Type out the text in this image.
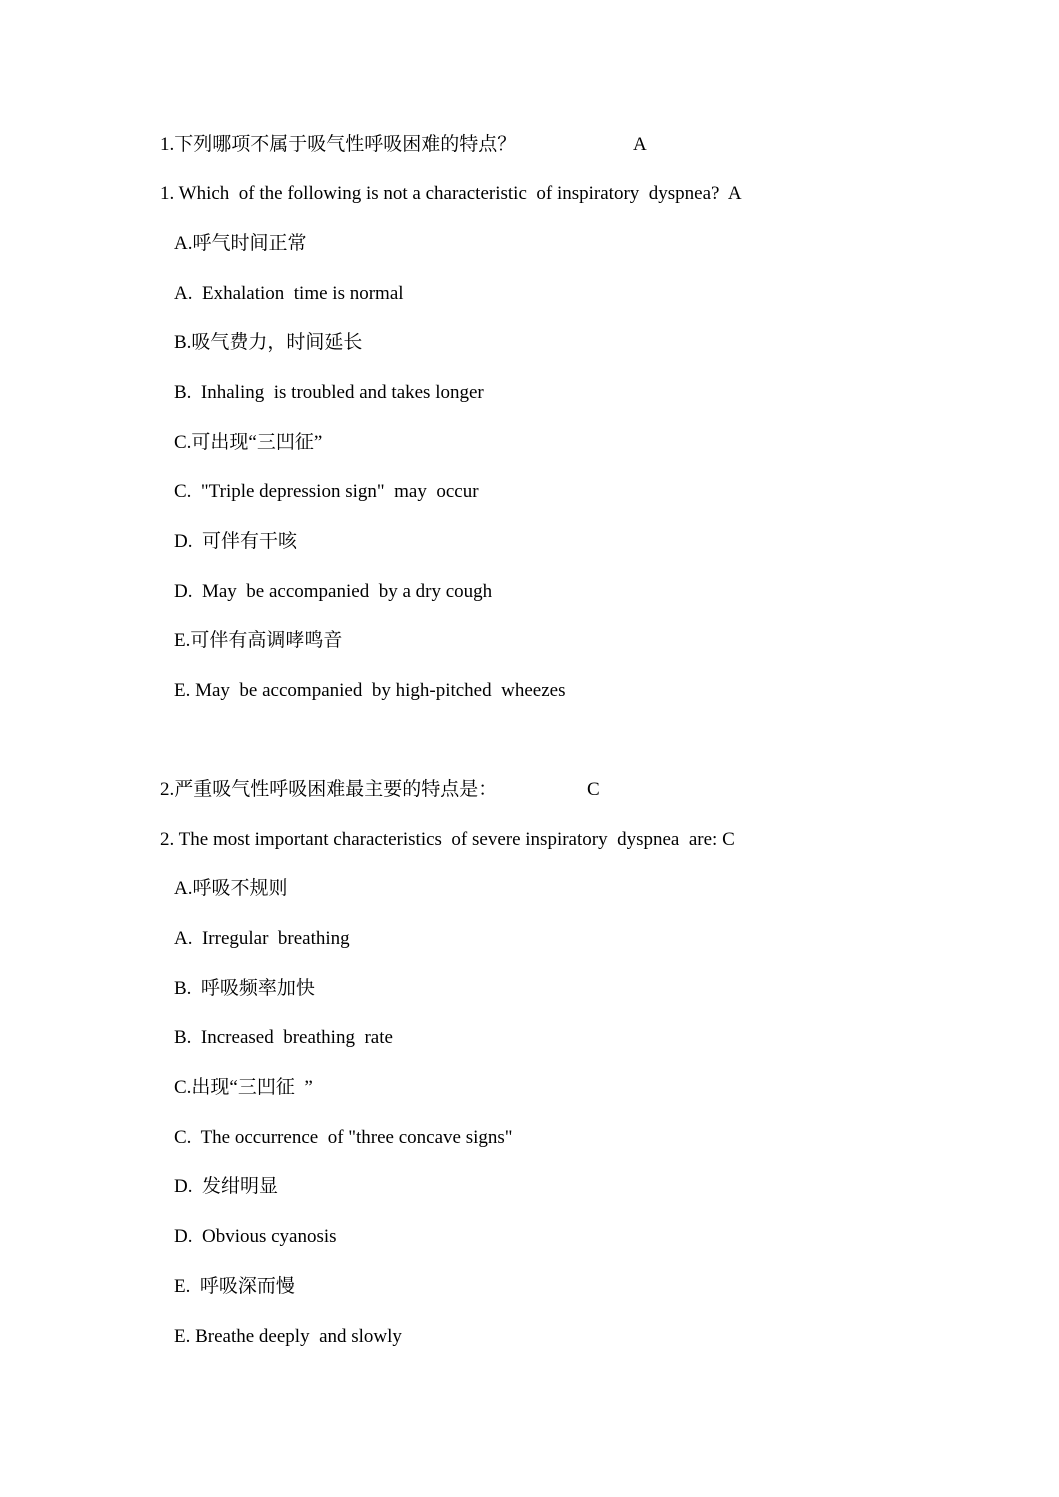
1.下列哪项不属于吸气性呼吸困难的特点？	A
1. Which  of the following is not a characteristic  of inspiratory  dyspnea?  A
A.呼气时间正常
A.  Exhalation  time is normal
B.吸气费力，时间延长
B.  Inhaling  is troubled and takes longer
C.可出现“三凹征”
C.  "Triple depression sign"  may  occur
D.  可伴有干咳
D.  May  be accompanied  by a dry cough
E.可伴有高调哮鸣音
E. May  be accompanied  by high-pitched  wheezes
2.严重吸气性呼吸困难最主要的特点是：	C
2. The most important characteristics  of severe inspiratory  dyspnea  are: C
A.呼吸不规则
A.  Irregular  breathing
B.  呼吸频率加快
B.  Increased  breathing  rate
C.出现“三凹征  ”
C.  The occurrence  of "three concave signs"
D.  发绀明显
D.  Obvious cyanosis
E.  呼吸深而慢
E. Breathe deeply  and slowly
